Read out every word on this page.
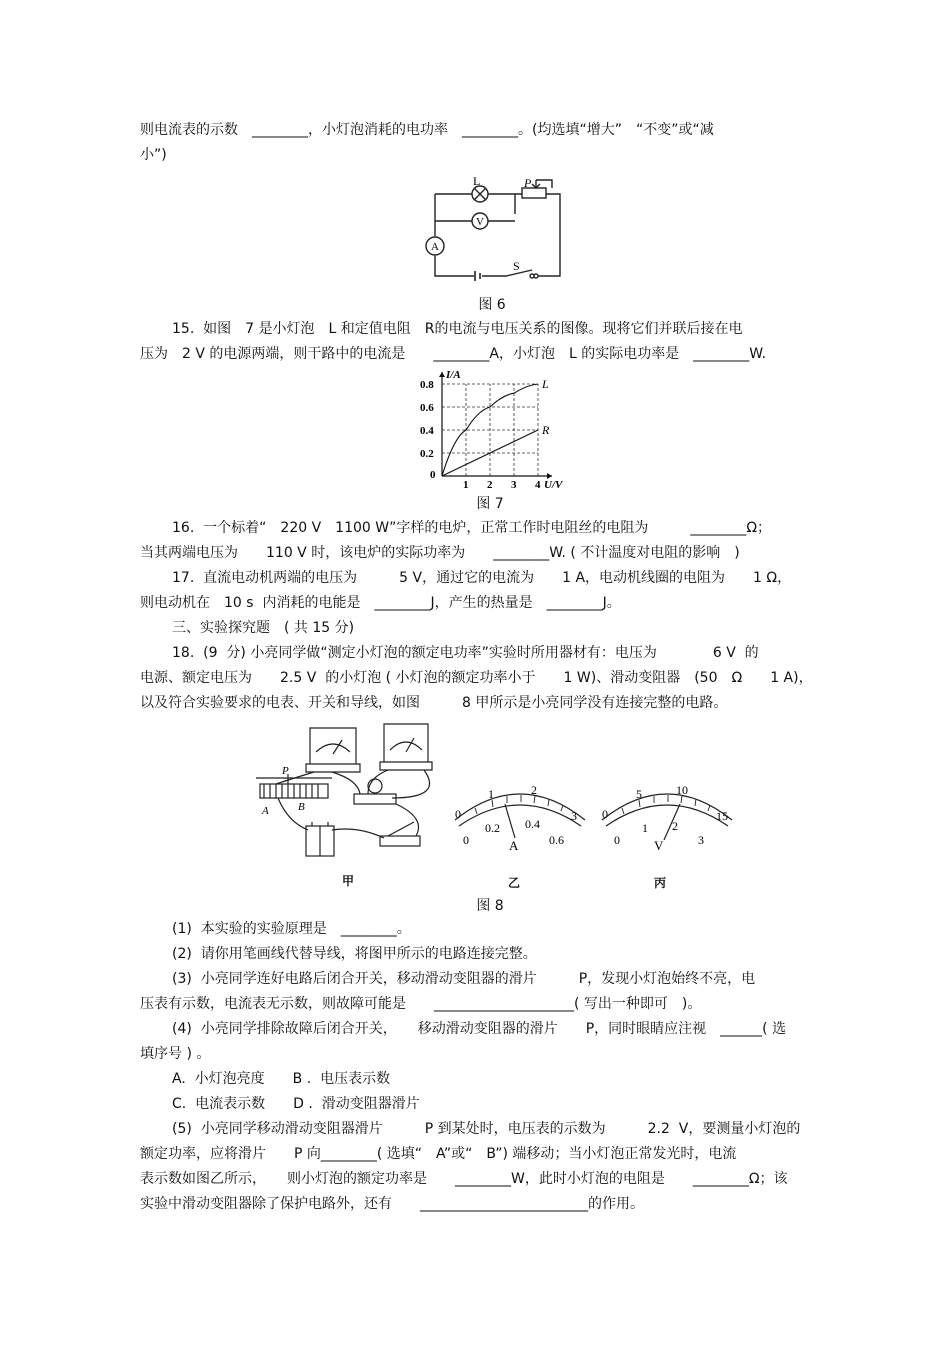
则电流表的示数　________，小灯泡消耗的电功率　________。(均选填“增大”　“不变”或“减
小”)
L	P
V
A
S
图 6
15.  如图　7 是小灯泡　L 和定值电阻　R的电流与电压关系的图像。现将它们并联后接在电
压为　2 V 的电源两端，则干路中的电流是　　________A，小灯泡　L 的实际电功率是　________W.
0
1 2 3 4
0.2
0.4
0.6
0.8
I/A
U/V
L
R
图 7
16.  一个标着“　220 V　1100 W”字样的电炉，正常工作时电阻丝的电阻为　　　________Ω；
当其两端电压为　　110 V 时，该电炉的实际功率为　　________W. ( 不计温度对电阻的影响　)
17.  直流电动机两端的电压为　　　5 V，通过它的电流为　　1 A，电动机线圈的电阻为　　1 Ω，
则电动机在　10 s  内消耗的电能是　________J，产生的热量是　________J。
三、实验探究题　( 共 15 分)
18.  (9  分) 小亮同学做“测定小灯泡的额定电功率”实验时所用器材有：电压为　　　　6 V  的
电源、额定电压为　　2.5 V  的小灯泡 ( 小灯泡的额定功率小于　　1 W)、滑动变阻器　(50　Ω　　1 A)，
以及符合实验要求的电表、开关和导线，如图　　　8 甲所示是小亮同学没有连接完整的电路。
P
A	B	0
1	2
3
0
0.2 0.4
0.6
A
0
5	10
15
0
1 2
3
V
甲	乙	丙
图 8
(1)  本实验的实验原理是　________。
(2)  请你用笔画线代替导线，将图甲所示的电路连接完整。
(3)  小亮同学连好电路后闭合开关，移动滑动变阻器的滑片　　　P，发现小灯泡始终不亮，电
压表有示数，电流表无示数，则故障可能是　　____________________( 写出一种即可　)。
(4)  小亮同学排除故障后闭合开关，　　移动滑动变阻器的滑片　　P，同时眼睛应注视　______( 选
填序号 ) 。
A.  小灯泡亮度　　B .  电压表示数
C.  电流表示数　　D .  滑动变阻器滑片
(5)  小亮同学移动滑动变阻器滑片　　　P 到某处时，电压表的示数为　　　2.2  V，要测量小灯泡的
额定功率，应将滑片　　P 向________( 选填“　A”或“　B”) 端移动；当小灯泡正常发光时，电流
表示数如图乙所示，　　则小灯泡的额定功率是　　________W，此时小灯泡的电阻是　　________Ω；该
实验中滑动变阻器除了保护电路外，还有　　________________________的作用。
